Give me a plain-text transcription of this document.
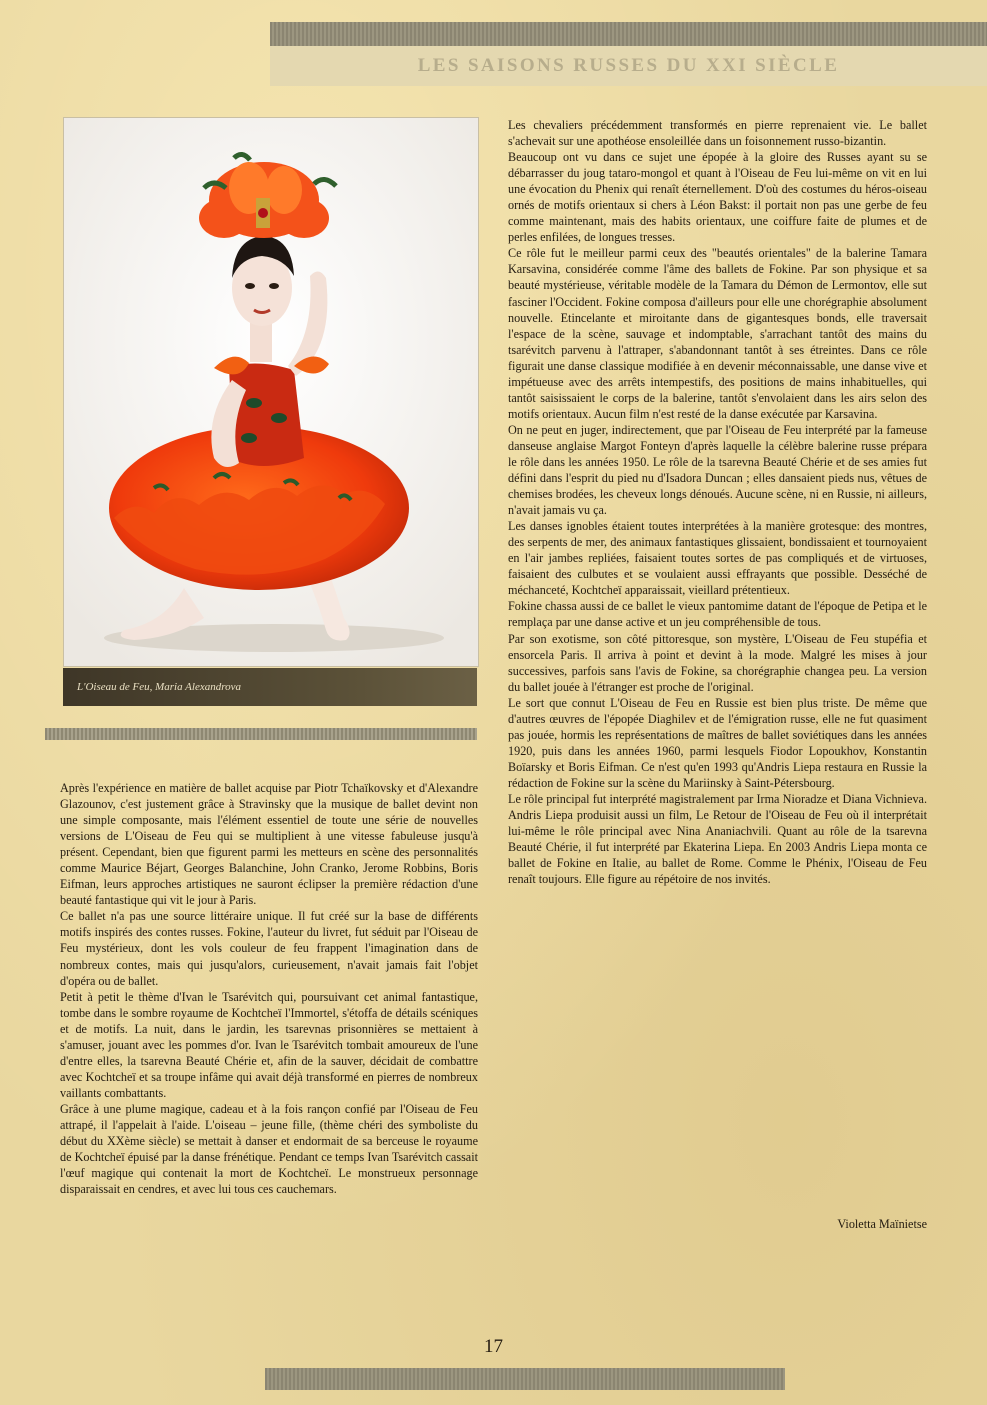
LES SAISONS RUSSES DU XXI SIÈCLE
L'Oiseau de Feu, Maria Alexandrova

Après l'expérience en matière de ballet acquise par Piotr Tchaïkovsky et d'Alexandre Glazounov, c'est justement grâce à Stravinsky que la musique de ballet devint non une simple composante, mais l'élément essentiel de toute une série de nouvelles versions de L'Oiseau de Feu qui se multiplient à une vitesse fabuleuse jusqu'à présent. Cependant, bien que figurent parmi les metteurs en scène des personnalités comme Maurice Béjart, Georges Balanchine, John Cranko, Jerome Robbins, Boris Eifman, leurs approches artistiques ne sauront éclipser la première rédaction d'une beauté fantastique qui vit le jour à Paris.

Ce ballet n'a pas une source littéraire unique. Il fut créé sur la base de différents motifs inspirés des contes russes. Fokine, l'auteur du livret, fut séduit par l'Oiseau de Feu mystérieux, dont les vols couleur de feu frappent l'imagination dans de nombreux contes, mais qui jusqu'alors, curieusement, n'avait jamais fait l'objet d'opéra ou de ballet.

Petit à petit le thème d'Ivan le Tsarévitch qui, poursuivant cet animal fantastique, tombe dans le sombre royaume de Kochtcheï l'Immortel, s'étoffa de détails scéniques et de motifs. La nuit, dans le jardin, les tsarevnas prisonnières se mettaient à s'amuser, jouant avec les pommes d'or. Ivan le Tsarévitch tombait amoureux de l'une d'entre elles, la tsarevna Beauté Chérie et, afin de la sauver, décidait de combattre avec Kochtcheï et sa troupe infâme qui avait déjà transformé en pierres de nombreux vaillants combattants.

Grâce à une plume magique, cadeau et à la fois rançon confié par l'Oiseau de Feu attrapé, il l'appelait à l'aide. L'oiseau – jeune fille, (thème chéri des symboliste du début du XXème siècle) se mettait à danser et endormait de sa berceuse le royaume de Kochtcheï épuisé par la danse frénétique. Pendant ce temps Ivan Tsarévitch cassait l'œuf magique qui contenait la mort de Kochtcheï. Le monstrueux personnage disparaissait en cendres, et avec lui tous ces cauchemars.

Les chevaliers précédemment transformés en pierre reprenaient vie. Le ballet s'achevait sur une apothéose ensoleillée dans un foisonnement russo-bizantin.

Beaucoup ont vu dans ce sujet une épopée à la gloire des Russes ayant su se débarrasser du joug tataro-mongol et quant à l'Oiseau de Feu lui-même on vit en lui une évocation du Phenix qui renaît éternellement. D'où des costumes du héros-oiseau ornés de motifs orientaux si chers à Léon Bakst: il portait non pas une gerbe de feu comme maintenant, mais des habits orientaux, une coiffure faite de plumes et de perles enfilées, de longues tresses.

Ce rôle fut le meilleur parmi ceux des "beautés orientales" de la balerine Tamara Karsavina, considérée comme l'âme des ballets de Fokine. Par son physique et sa beauté mystérieuse, véritable modèle de la Tamara du Démon de Lermontov, elle sut fasciner l'Occident. Fokine composa d'ailleurs pour elle une chorégraphie absolument nouvelle. Etincelante et miroitante dans de gigantesques bonds, elle traversait l'espace de la scène, sauvage et indomptable, s'arrachant tantôt des mains du tsarévitch parvenu à l'attraper, s'abandonnant tantôt à ses étreintes. Dans ce rôle figurait une danse classique modifiée à en devenir méconnaissable, une danse vive et impétueuse avec des arrêts intempestifs, des positions de mains inhabituelles, qui tantôt saisissaient le corps de la balerine, tantôt s'envolaient dans les airs selon des motifs orientaux. Aucun film n'est resté de la danse exécutée par Karsavina.

On ne peut en juger, indirectement, que par l'Oiseau de Feu interprété par la fameuse danseuse anglaise Margot Fonteyn d'après laquelle la célèbre balerine russe prépara le rôle dans les années 1950. Le rôle de la tsarevna Beauté Chérie et de ses amies fut défini dans l'esprit du pied nu d'Isadora Duncan ; elles dansaient pieds nus, vêtues de chemises brodées, les cheveux longs dénoués. Aucune scène, ni en Russie, ni ailleurs, n'avait jamais vu ça.

Les danses ignobles étaient toutes interprétées à la manière grotesque: des montres, des serpents de mer, des animaux fantastiques glissaient, bondissaient et tournoyaient en l'air jambes repliées, faisaient toutes sortes de pas compliqués et de virtuoses, faisaient des culbutes et se voulaient aussi effrayants que possible. Desséché de méchanceté, Kochtcheï apparaissait, vieillard prétentieux.

Fokine chassa aussi de ce ballet le vieux pantomime datant de l'époque de Petipa et le remplaça par une danse active et un jeu compréhensible de tous.

Par son exotisme, son côté pittoresque, son mystère, L'Oiseau de Feu stupéfia et ensorcela Paris. Il arriva à point et devint à la mode. Malgré les mises à jour successives, parfois sans l'avis de Fokine, sa chorégraphie changea peu. La version du ballet jouée à l'étranger est proche de l'original.

Le sort que connut L'Oiseau de Feu en Russie est bien plus triste. De même que d'autres œuvres de l'épopée Diaghilev et de l'émigration russe, elle ne fut quasiment pas jouée, hormis les représentations de maîtres de ballet soviétiques dans les années 1920, puis dans les années 1960, parmi lesquels Fiodor Lopoukhov, Konstantin Boïarsky et Boris Eifman. Ce n'est qu'en 1993 qu'Andris Liepa restaura en Russie la rédaction de Fokine sur la scène du Mariinsky à Saint-Pétersbourg.

Le rôle principal fut interprété magistralement par Irma Nioradze et Diana Vichnieva. Andris Liepa produisit aussi un film, Le Retour de l'Oiseau de Feu où il interprétait lui-même le rôle principal avec Nina Ananiachvili. Quant au rôle de la tsarevna Beauté Chérie, il fut interprété par Ekaterina Liepa. En 2003 Andris Liepa monta ce ballet de Fokine en Italie, au ballet de Rome. Comme le Phénix, l'Oiseau de Feu renaît toujours. Elle figure au répétoire de nos invités.

Violetta Maïnietse
17
